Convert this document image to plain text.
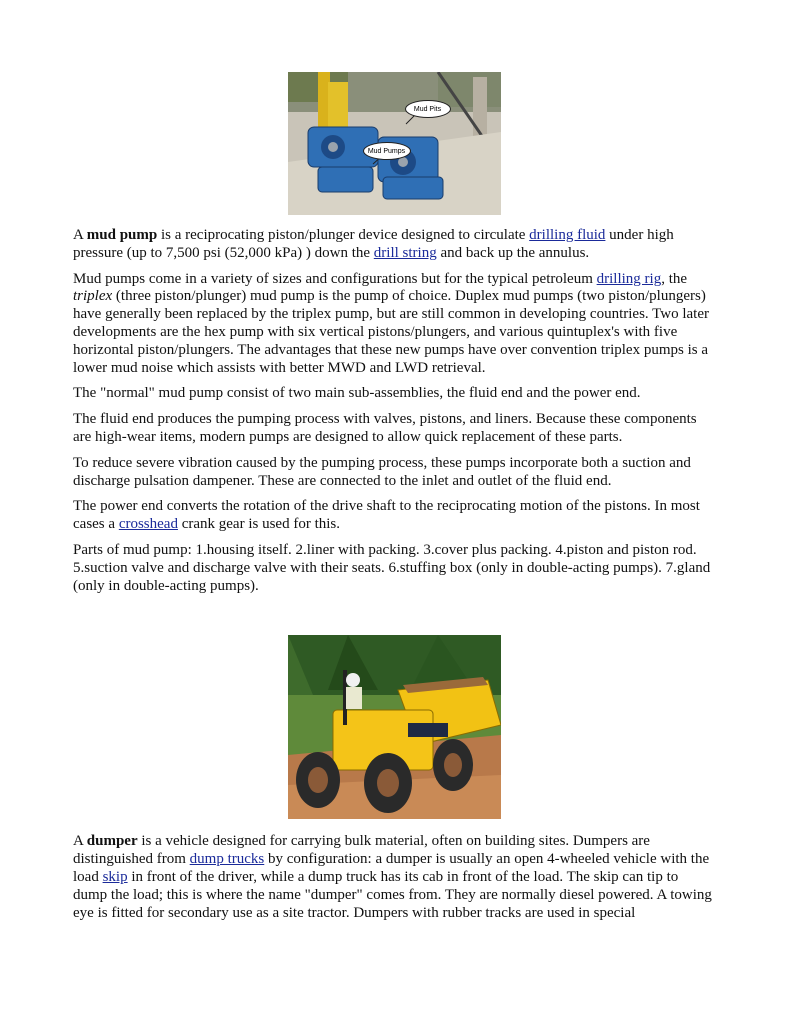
Mud Pits
Mud Pumps

A mud pump is a reciprocating piston/plunger device designed to circulate drilling fluid under high pressure (up to 7,500 psi (52,000 kPa) ) down the drill string and back up the annulus.

Mud pumps come in a variety of sizes and configurations but for the typical petroleum drilling rig, the triplex (three piston/plunger) mud pump is the pump of choice. Duplex mud pumps (two piston/plungers) have generally been replaced by the triplex pump, but are still common in developing countries. Two later developments are the hex pump with six vertical pistons/plungers, and various quintuplex's with five horizontal piston/plungers. The advantages that these new pumps have over convention triplex pumps is a lower mud noise which assists with better MWD and LWD retrieval.

The "normal" mud pump consist of two main sub-assemblies, the fluid end and the power end.

The fluid end produces the pumping process with valves, pistons, and liners. Because these components are high-wear items, modern pumps are designed to allow quick replacement of these parts.

To reduce severe vibration caused by the pumping process, these pumps incorporate both a suction and discharge pulsation dampener. These are connected to the inlet and outlet of the fluid end.

The power end converts the rotation of the drive shaft to the reciprocating motion of the pistons. In most cases a crosshead crank gear is used for this.

Parts of mud pump: 1.housing itself. 2.liner with packing. 3.cover plus packing. 4.piston and piston rod. 5.suction valve and discharge valve with their seats. 6.stuffing box (only in double-acting pumps). 7.gland (only in double-acting pumps).

A dumper is a vehicle designed for carrying bulk material, often on building sites. Dumpers are distinguished from dump trucks by configuration: a dumper is usually an open 4-wheeled vehicle with the load skip in front of the driver, while a dump truck has its cab in front of the load. The skip can tip to dump the load; this is where the name "dumper" comes from. They are normally diesel powered. A towing eye is fitted for secondary use as a site tractor. Dumpers with rubber tracks are used in special
